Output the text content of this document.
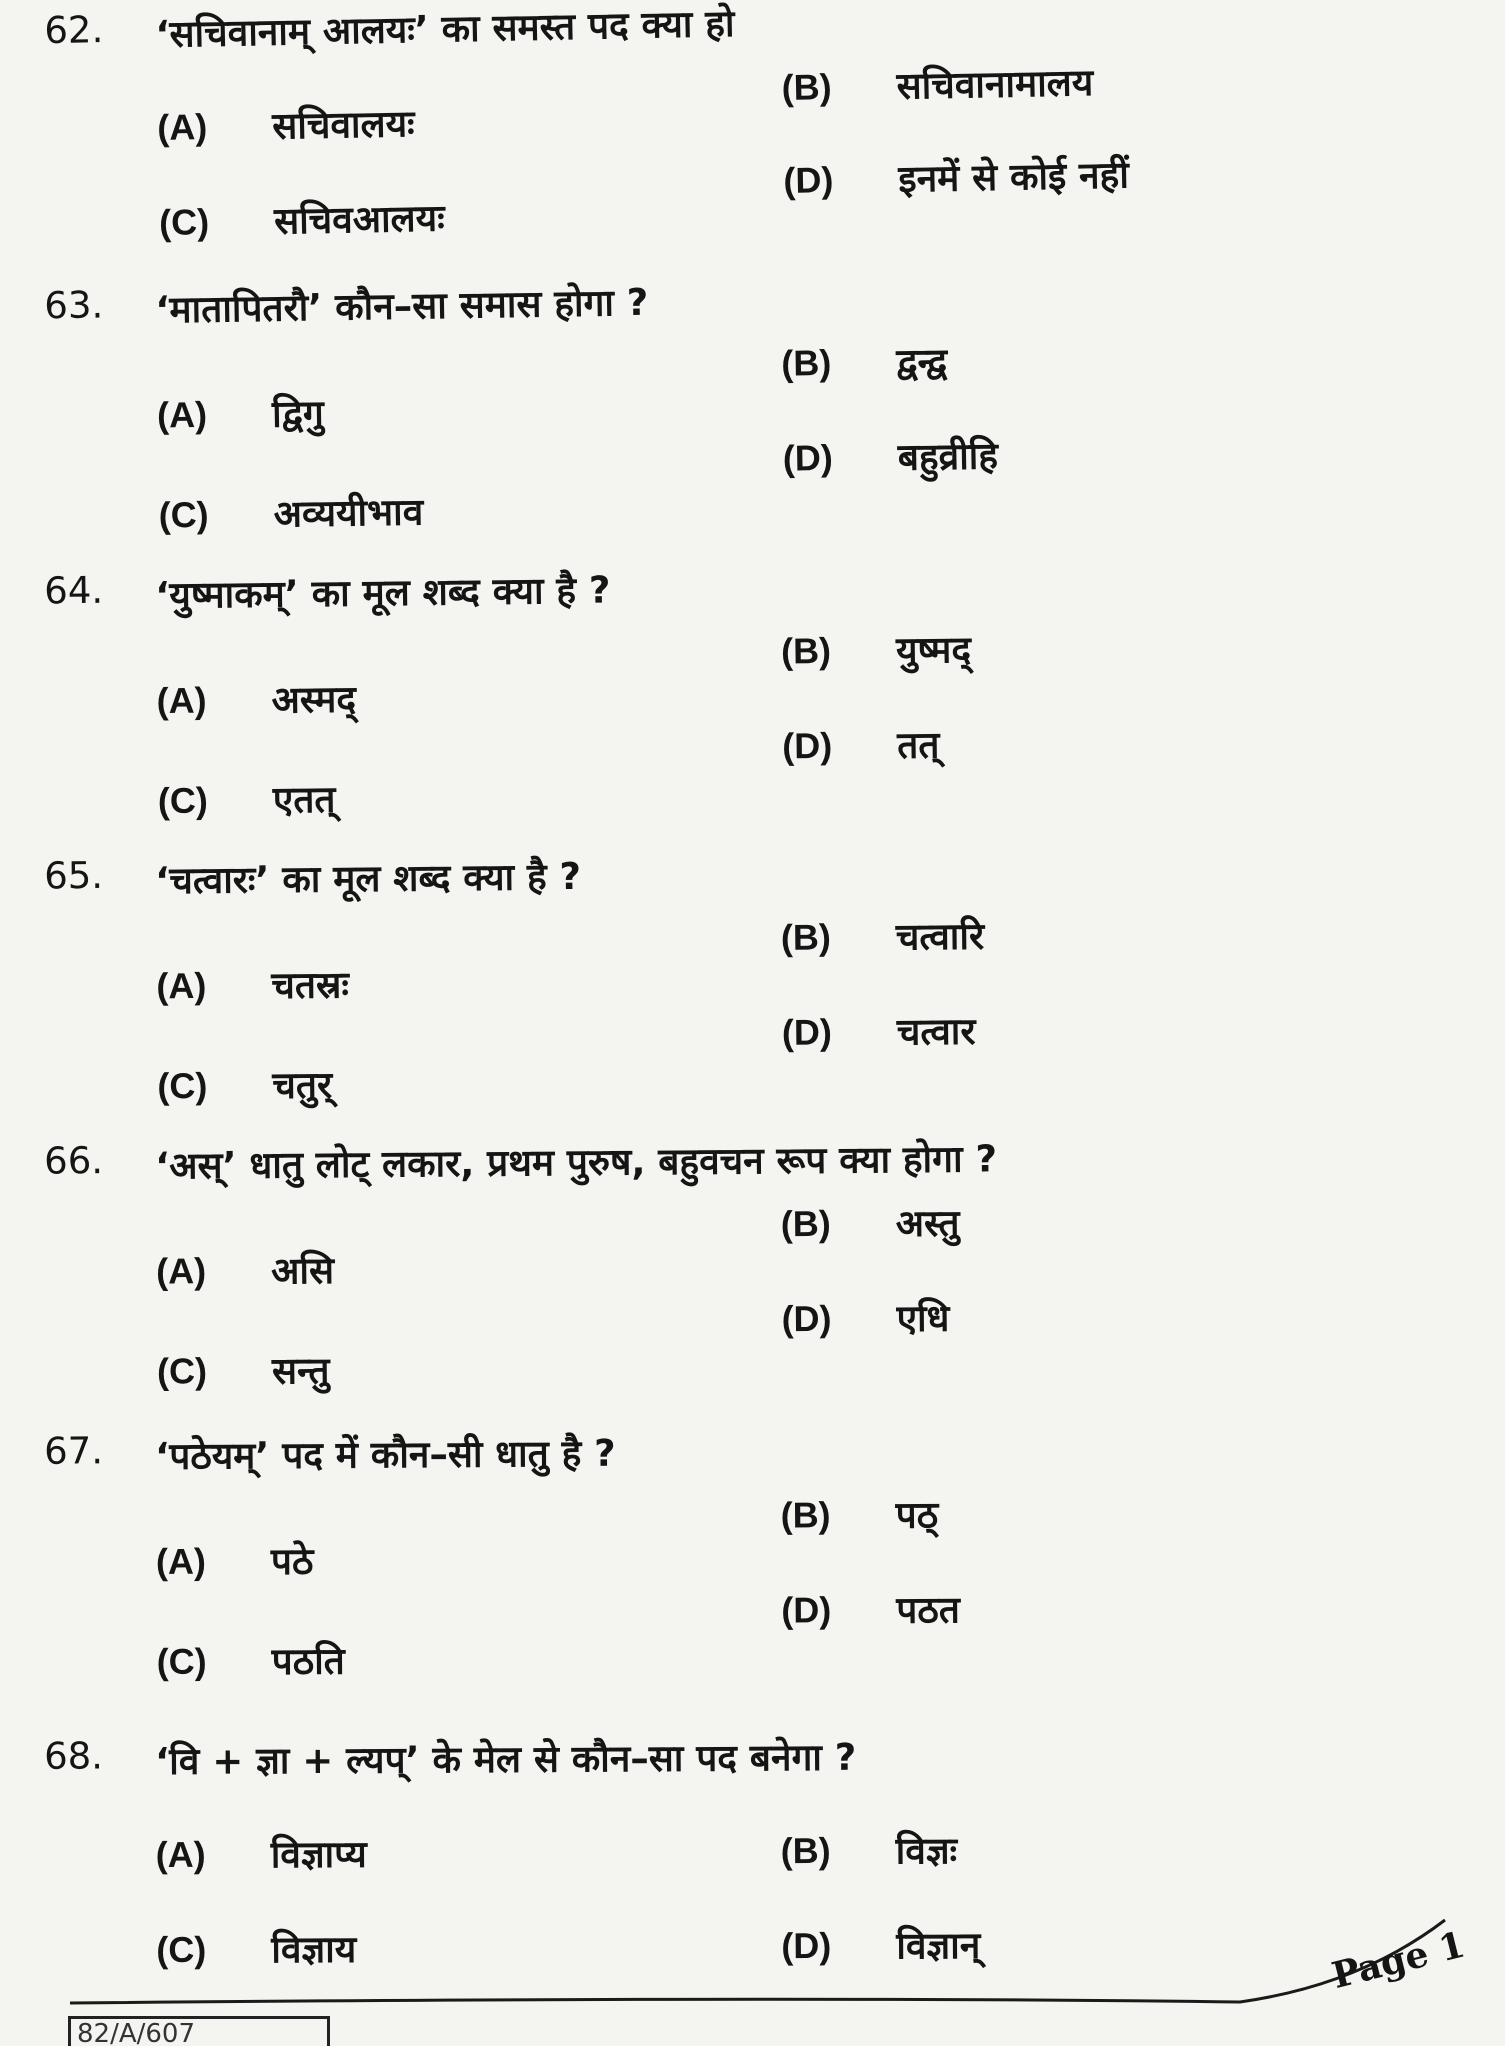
62. ‘सचिवानाम् आलयः’ का समस्त पद क्या हो
(A) सचिवालयः
(B) सचिवानामालय
(C) सचिवआलयः
(D) इनमें से कोई नहीं
63. ‘मातापितरौ’ कौन–सा समास होगा ?
(A) द्विगु
(B) द्वन्द्व
(C) अव्ययीभाव
(D) बहुव्रीहि
64. ‘युष्माकम्’ का मूल शब्द क्या है ?
(A) अस्मद्
(B) युष्मद्
(C) एतत्
(D) तत्
65. ‘चत्वारः’ का मूल शब्द क्या है ?
(A) चतस्रः
(B) चत्वारि
(C) चतुर्
(D) चत्वार
66. ‘अस्’ धातु लोट् लकार, प्रथम पुरुष, बहुवचन रूप क्या होगा ?
(A) असि
(B) अस्तु
(C) सन्तु
(D) एधि
67. ‘पठेयम्’ पद में कौन–सी धातु है ?
(A) पठे
(B) पठ्
(C) पठति
(D) पठत
68. ‘वि + ज्ञा + ल्यप्’ के मेल से कौन–सा पद बनेगा ?
(A) विज्ञाप्य	(B) विज्ञः
(C) विज्ञाय	(D) विज्ञान्	Page 1
82/A/607
